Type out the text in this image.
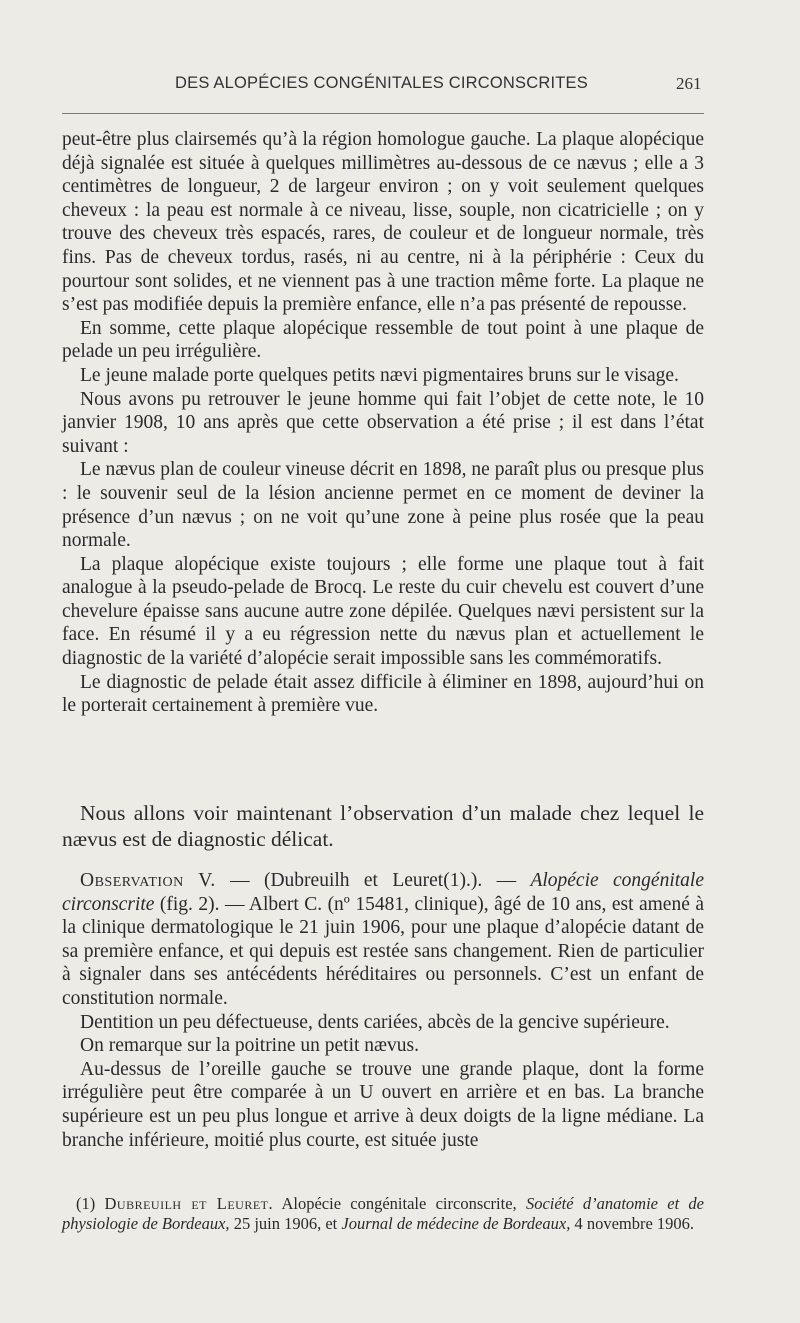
DES ALOPÉCIES CONGÉNITALES CIRCONSCRITES	261

peut-être plus clairsemés qu’à la région homologue gauche. La plaque alopécique déjà signalée est située à quelques millimètres au-dessous de ce nævus ; elle a 3 centimètres de longueur, 2 de largeur environ ; on y voit seulement quelques cheveux : la peau est normale à ce niveau, lisse, souple, non cicatricielle ; on y trouve des cheveux très espacés, rares, de couleur et de longueur normale, très fins. Pas de cheveux tordus, rasés, ni au centre, ni à la périphérie : Ceux du pourtour sont solides, et ne viennent pas à une traction même forte. La plaque ne s’est pas modifiée depuis la première enfance, elle n’a pas présenté de repousse.

En somme, cette plaque alopécique ressemble de tout point à une plaque de pelade un peu irrégulière.

Le jeune malade porte quelques petits nævi pigmentaires bruns sur le visage.

Nous avons pu retrouver le jeune homme qui fait l’objet de cette note, le 10 janvier 1908, 10 ans après que cette observation a été prise ; il est dans l’état suivant :

Le nævus plan de couleur vineuse décrit en 1898, ne paraît plus ou presque plus : le souvenir seul de la lésion ancienne permet en ce moment de deviner la présence d’un nævus ; on ne voit qu’une zone à peine plus rosée que la peau normale.

La plaque alopécique existe toujours ; elle forme une plaque tout à fait analogue à la pseudo-pelade de Brocq. Le reste du cuir chevelu est couvert d’une chevelure épaisse sans aucune autre zone dépilée. Quelques nævi persistent sur la face. En résumé il y a eu régression nette du nævus plan et actuellement le diagnostic de la variété d’alopécie serait impossible sans les commémoratifs.

Le diagnostic de pelade était assez difficile à éliminer en 1898, aujourd’hui on le porterait certainement à première vue.

Nous allons voir maintenant l’observation d’un malade chez lequel le nævus est de diagnostic délicat.

Observation V. — (Dubreuilh et Leuret(1).). — Alopécie congénitale circonscrite (fig. 2). — Albert C. (nº 15481, clinique), âgé de 10 ans, est amené à la clinique dermatologique le 21 juin 1906, pour une plaque d’alopécie datant de sa première enfance, et qui depuis est restée sans changement. Rien de particulier à signaler dans ses antécédents héréditaires ou personnels. C’est un enfant de constitution normale.

Dentition un peu défectueuse, dents cariées, abcès de la gencive supérieure.

On remarque sur la poitrine un petit nævus.

Au-dessus de l’oreille gauche se trouve une grande plaque, dont la forme irrégulière peut être comparée à un U ouvert en arrière et en bas. La branche supérieure est un peu plus longue et arrive à deux doigts de la ligne médiane. La branche inférieure, moitié plus courte, est située juste

(1) Dubreuilh et Leuret. Alopécie congénitale circonscrite, Société d’anatomie et de physiologie de Bordeaux, 25 juin 1906, et Journal de médecine de Bordeaux, 4 novembre 1906.
